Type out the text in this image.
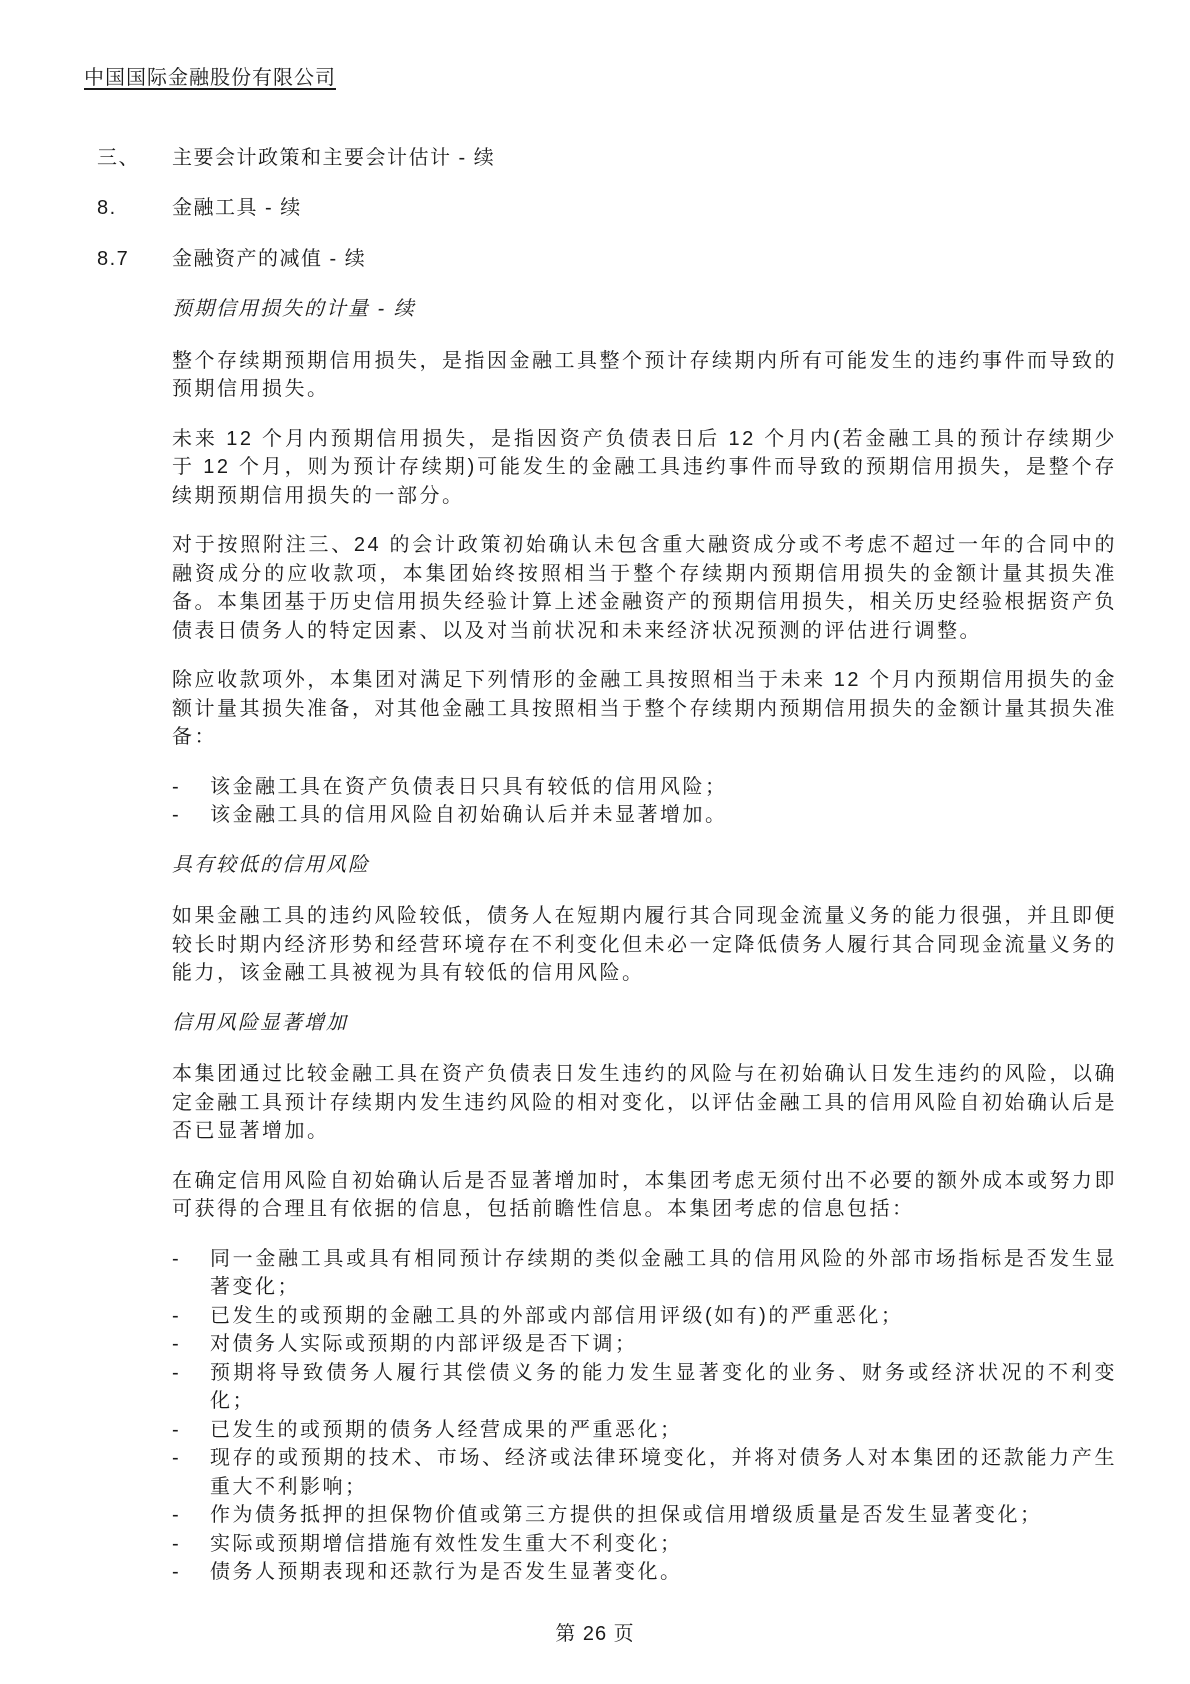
中国国际金融股份有限公司
三、	主要会计政策和主要会计估计 - 续
8.	金融工具 - 续
8.7	金融资产的减值 - 续
预期信用损失的计量 - 续

整个存续期预期信用损失，是指因金融工具整个预计存续期内所有可能发生的违约事件而导致的预期信用损失。

未来 12 个月内预期信用损失，是指因资产负债表日后 12 个月内(若金融工具的预计存续期少于 12 个月，则为预计存续期)可能发生的金融工具违约事件而导致的预期信用损失，是整个存续期预期信用损失的一部分。

对于按照附注三、24 的会计政策初始确认未包含重大融资成分或不考虑不超过一年的合同中的融资成分的应收款项，本集团始终按照相当于整个存续期内预期信用损失的金额计量其损失准备。本集团基于历史信用损失经验计算上述金融资产的预期信用损失，相关历史经验根据资产负债表日债务人的特定因素、以及对当前状况和未来经济状况预测的评估进行调整。

除应收款项外，本集团对满足下列情形的金融工具按照相当于未来 12 个月内预期信用损失的金额计量其损失准备，对其他金融工具按照相当于整个存续期内预期信用损失的金额计量其损失准备：

-	该金融工具在资产负债表日只具有较低的信用风险；
-	该金融工具的信用风险自初始确认后并未显著增加。
具有较低的信用风险

如果金融工具的违约风险较低，债务人在短期内履行其合同现金流量义务的能力很强，并且即便较长时期内经济形势和经营环境存在不利变化但未必一定降低债务人履行其合同现金流量义务的能力，该金融工具被视为具有较低的信用风险。

信用风险显著增加

本集团通过比较金融工具在资产负债表日发生违约的风险与在初始确认日发生违约的风险，以确定金融工具预计存续期内发生违约风险的相对变化，以评估金融工具的信用风险自初始确认后是否已显著增加。

在确定信用风险自初始确认后是否显著增加时，本集团考虑无须付出不必要的额外成本或努力即可获得的合理且有依据的信息，包括前瞻性信息。本集团考虑的信息包括：

-	同一金融工具或具有相同预计存续期的类似金融工具的信用风险的外部市场指标是否发生显著变化；
-	已发生的或预期的金融工具的外部或内部信用评级(如有)的严重恶化；
-	对债务人实际或预期的内部评级是否下调；
-	预期将导致债务人履行其偿债义务的能力发生显著变化的业务、财务或经济状况的不利变化；
-	已发生的或预期的债务人经营成果的严重恶化；
-	现存的或预期的技术、市场、经济或法律环境变化，并将对债务人对本集团的还款能力产生重大不利影响；
-	作为债务抵押的担保物价值或第三方提供的担保或信用增级质量是否发生显著变化；
-	实际或预期增信措施有效性发生重大不利变化；
-	债务人预期表现和还款行为是否发生显著变化。
第 26 页
